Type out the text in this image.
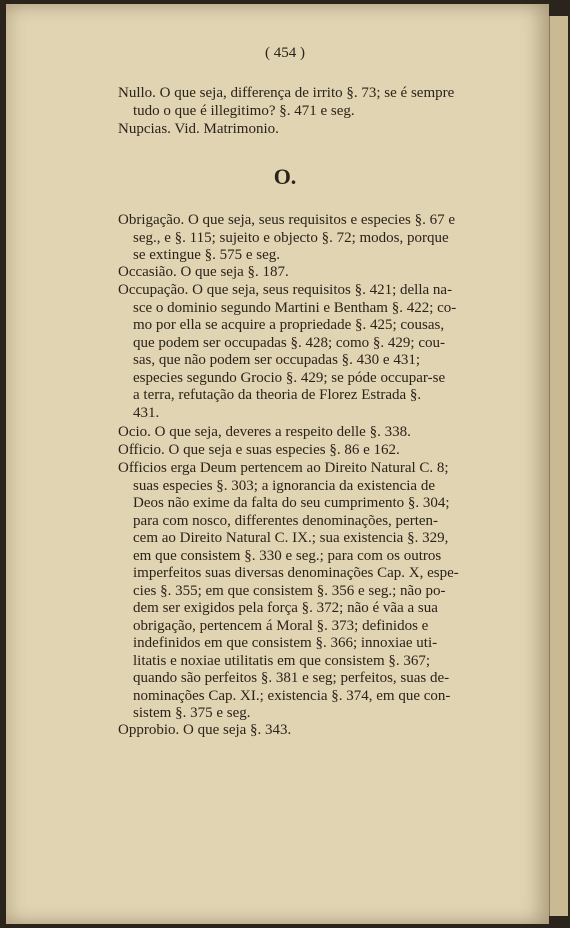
( 454 )
Nullo. O que seja, differença de irrito §. 73; se é sempre
tudo o que é illegitimo? §. 471 e seg.
Nupcias. Vid. Matrimonio.
O.
Obrigação. O que seja, seus requisitos e especies §. 67 e
seg., e §. 115; sujeito e objecto §. 72; modos, porque
se extingue §. 575 e seg.
Occasião. O que seja §. 187.
Occupação. O que seja, seus requisitos §. 421; della na-
sce o dominio segundo Martini e Bentham §. 422; co-
mo por ella se acquire a propriedade §. 425; cousas,
que podem ser occupadas §. 428; como §. 429; cou-
sas, que não podem ser occupadas §. 430 e 431;
especies segundo Grocio §. 429; se póde occupar-se
a terra, refutação da theoria de Florez Estrada §.
431.
Ocio. O que seja, deveres a respeito delle §. 338.
Officio. O que seja e suas especies §. 86 e 162.
Officios erga Deum pertencem ao Direito Natural C. 8;
suas especies §. 303; a ignorancia da existencia de
Deos não exime da falta do seu cumprimento §. 304;
para com nosco, differentes denominações, perten-
cem ao Direito Natural C. IX.; sua existencia §. 329,
em que consistem §. 330 e seg.; para com os outros
imperfeitos suas diversas denominações Cap. X, espe-
cies §. 355; em que consistem §. 356 e seg.; não po-
dem ser exigidos pela força §. 372; não é vãa a sua
obrigação, pertencem á Moral §. 373; definidos e
indefinidos em que consistem §. 366; innoxiae uti-
litatis e noxiae utilitatis em que consistem §. 367;
quando são perfeitos §. 381 e seg; perfeitos, suas de-
nominações Cap. XI.; existencia §. 374, em que con-
sistem §. 375 e seg.
Opprobio. O que seja §. 343.
